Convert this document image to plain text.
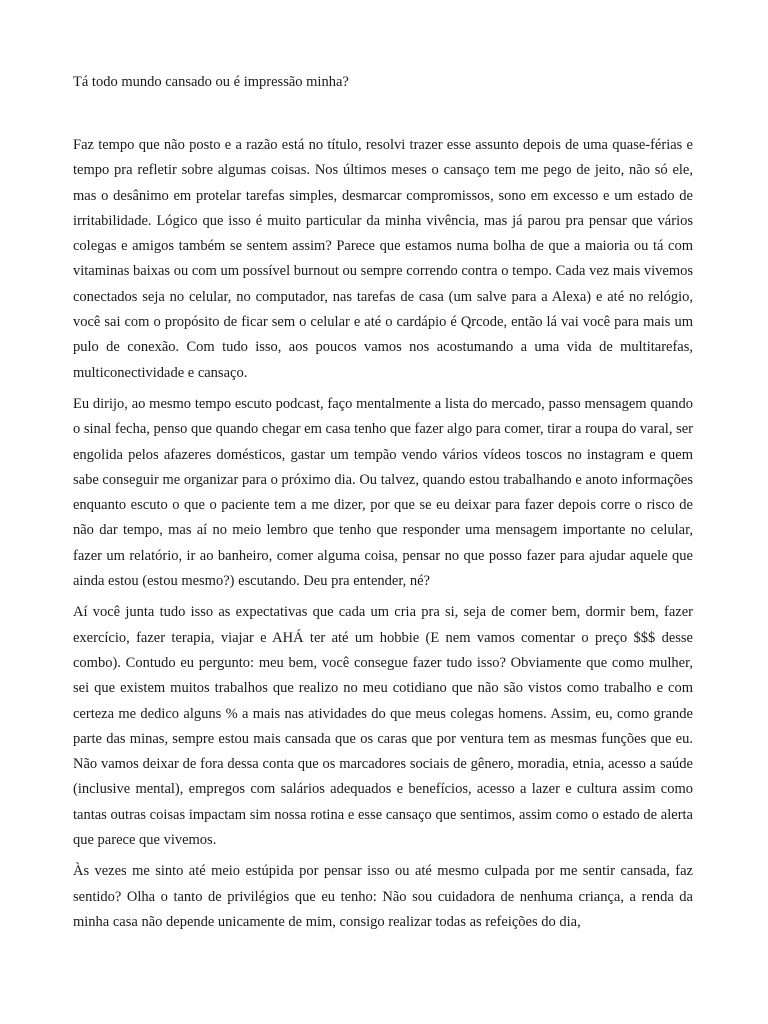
Tá todo mundo cansado ou é impressão minha?

Faz tempo que não posto e a razão está no título, resolvi trazer esse assunto depois de uma quase-férias e tempo pra refletir sobre algumas coisas. Nos últimos meses o cansaço tem me pego de jeito, não só ele, mas o desânimo em protelar tarefas simples, desmarcar compromissos, sono em excesso e um estado de irritabilidade. Lógico que isso é muito particular da minha vivência, mas já parou pra pensar que vários colegas e amigos também se sentem assim? Parece que estamos numa bolha de que a maioria ou tá com vitaminas baixas ou com um possível burnout ou sempre correndo contra o tempo. Cada vez mais vivemos conectados seja no celular, no computador, nas tarefas de casa (um salve para a Alexa) e até no relógio, você sai com o propósito de ficar sem o celular e até o cardápio é Qrcode, então lá vai você para mais um pulo de conexão. Com tudo isso, aos poucos vamos nos acostumando a uma vida de multitarefas, multiconectividade e cansaço.

Eu dirijo, ao mesmo tempo escuto podcast, faço mentalmente a lista do mercado, passo mensagem quando o sinal fecha, penso que quando chegar em casa tenho que fazer algo para comer, tirar a roupa do varal, ser engolida pelos afazeres domésticos, gastar um tempão vendo vários vídeos toscos no instagram e quem sabe conseguir me organizar para o próximo dia. Ou talvez, quando estou trabalhando e anoto informações enquanto escuto o que o paciente tem a me dizer, por que se eu deixar para fazer depois corre o risco de não dar tempo, mas aí no meio lembro que tenho que responder uma mensagem importante no celular, fazer um relatório, ir ao banheiro, comer alguma coisa, pensar no que posso fazer para ajudar aquele que ainda estou (estou mesmo?) escutando. Deu pra entender, né?

Aí você junta tudo isso as expectativas que cada um cria pra si, seja de comer bem, dormir bem, fazer exercício, fazer terapia, viajar e AHÁ ter até um hobbie (E nem vamos comentar o preço $$$ desse combo). Contudo eu pergunto: meu bem, você consegue fazer tudo isso? Obviamente que como mulher, sei que existem muitos trabalhos que realizo no meu cotidiano que não são vistos como trabalho e com certeza me dedico alguns % a mais nas atividades do que meus colegas homens. Assim, eu, como grande parte das minas, sempre estou mais cansada que os caras que por ventura tem as mesmas funções que eu. Não vamos deixar de fora dessa conta que os marcadores sociais de gênero, moradia, etnia, acesso a saúde (inclusive mental), empregos com salários adequados e benefícios, acesso a lazer e cultura assim como tantas outras coisas impactam sim nossa rotina e esse cansaço que sentimos, assim como o estado de alerta que parece que vivemos.

Às vezes me sinto até meio estúpida por pensar isso ou até mesmo culpada por me sentir cansada, faz sentido? Olha o tanto de privilégios que eu tenho: Não sou cuidadora de nenhuma criança, a renda da minha casa não depende unicamente de mim, consigo realizar todas as refeições do dia,
